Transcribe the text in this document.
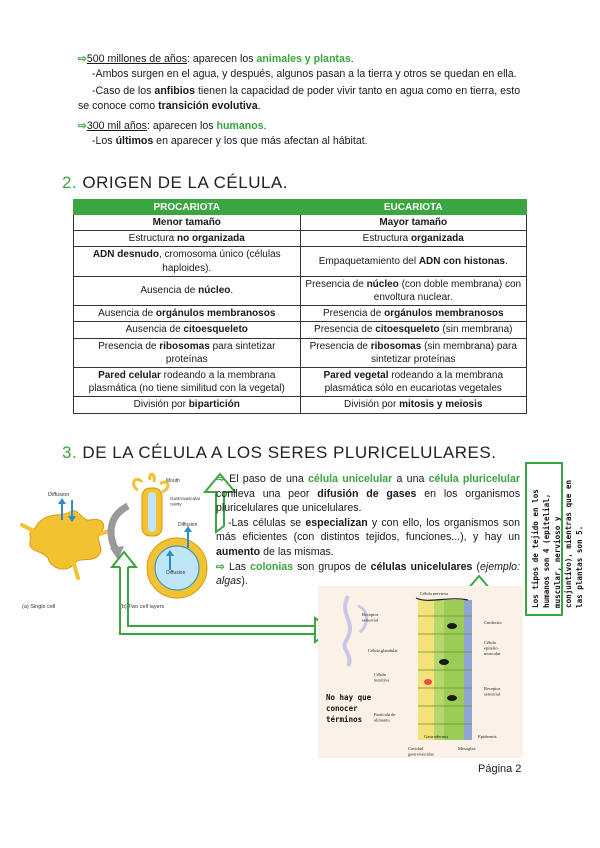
⇨500 millones de años: aparecen los animales y plantas.

-Ambos surgen en el agua, y después, algunos pasan a la tierra y otros se quedan en ella.

-Caso de los anfibios tienen la capacidad de poder vivir tanto en agua como en tierra, esto se conoce como transición evolutiva.

⇨300 mil años: aparecen los humanos.

-Los últimos en aparecer y los que más afectan al hábitat.

2. ORIGEN DE LA CÉLULA.
PROCARIOTA	EUCARIOTA
Menor tamaño	Mayor tamaño
Estructura no organizada	Estructura organizada
ADN desnudo, cromosoma único (células haploides).	Empaquetamiento del ADN con histonas.
Ausencia de núcleo.	Presencia de núcleo (con doble membrana) con envoltura nuclear.
Ausencia de orgánulos membranosos	Presencia de orgánulos membranosos
Ausencia de citoesqueleto	Presencia de citoesqueleto (sin membrana)
Presencia de ribosomas para sintetizar proteínas	Presencia de ribosomas (sin membrana) para sintetizar proteínas
Pared celular rodeando a la membrana plasmática (no tiene similitud con la vegetal)	Pared vegetal rodeando a la membrana plasmática sólo en eucariotas vegetales
División por bipartición	División por mitosis y meiosis
3. DE LA CÉLULA A LOS SERES PLURICELULARES.
Diffusion
(a) Single cell
Mouth
Gastrovascular cavity
Diffusion
Diffusion
(b) Two cell layers
⇨ El paso de una célula unicelular a una célula pluricelular conlleva una peor difusión de gases en los organismos pluricelulares que unicelulares.
-Las células se especializan y con ello, los organismos son más eficientes (con distintos tejidos, funciones...), y hay un aumento de las mismas.
⇨ Las colonias son grupos de células unicelulares (ejemplo: algas).	Los tipos de tejido en los humanos son 4 (epitelial, muscular, nervioso y conjuntivo), mientras que en las plantas son 5.
Célula nerviosa
Receptor sensorial	Cnidocito
Célula glandular
Célula epitelio-muscular
Célula nutritiva
Receptor sensorial
Partícula de alimento
Gastrodermis	Epidermis
Cavidad gastrovascular
Mesoglea
No hay que
conocer
términos
Página 2
